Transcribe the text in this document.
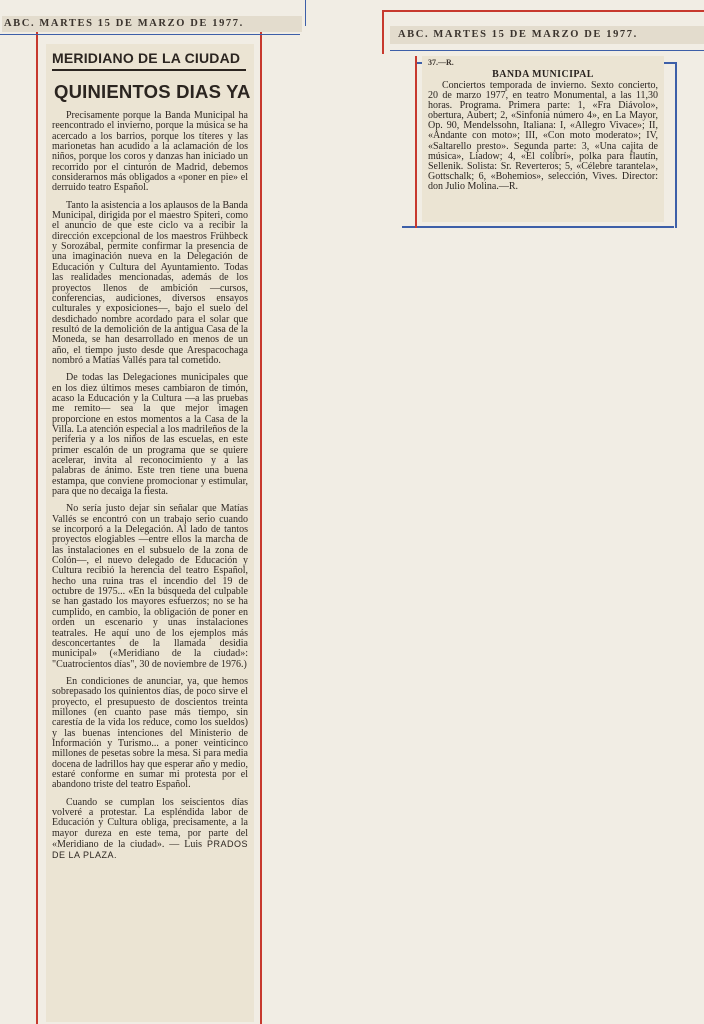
ABC. MARTES 15 DE MARZO DE 1977.
MERIDIANO DE LA CIUDAD
QUINIENTOS DIAS YA

Precisamente porque la Banda Municipal ha reencontrado el invierno, porque la música se ha acercado a los barrios, porque los títeres y las marionetas han acudido a la aclamación de los niños, porque los coros y danzas han iniciado un recorrido por el cinturón de Madrid, debemos considerarnos más obligados a «poner en pie» el derruido teatro Español.

Tanto la asistencia a los aplausos de la Banda Municipal, dirigida por el maestro Spiteri, como el anuncio de que este ciclo va a recibir la dirección excepcional de los maestros Frühbeck y Sorozábal, permite confirmar la presencia de una imaginación nueva en la Delegación de Educación y Cultura del Ayuntamiento. Todas las realidades mencionadas, además de los proyectos llenos de ambición —cursos, conferencias, audiciones, diversos ensayos culturales y exposiciones—, bajo el suelo del desdichado nombre acordado para el solar que resultó de la demolición de la antigua Casa de la Moneda, se han desarrollado en menos de un año, el tiempo justo desde que Arespacochaga nombró a Matías Vallés para tal cometido.

De todas las Delegaciones municipales que en los diez últimos meses cambiaron de timón, acaso la Educación y la Cultura —a las pruebas me remito— sea la que mejor imagen proporcione en estos momentos a la Casa de la Villa. La atención especial a los madrileños de la periferia y a los niños de las escuelas, en este primer escalón de un programa que se quiere acelerar, invita al reconocimiento y a las palabras de ánimo. Este tren tiene una buena estampa, que conviene promocionar y estimular, para que no decaiga la fiesta.

No sería justo dejar sin señalar que Matías Vallés se encontró con un trabajo serio cuando se incorporó a la Delegación. Al lado de tantos proyectos elogiables —entre ellos la marcha de las instalaciones en el subsuelo de la zona de Colón—, el nuevo delegado de Educación y Cultura recibió la herencia del teatro Español, hecho una ruina tras el incendio del 19 de octubre de 1975... «En la búsqueda del culpable se han gastado los mayores esfuerzos; no se ha cumplido, en cambio, la obligación de poner en orden un escenario y unas instalaciones teatrales. He aquí uno de los ejemplos más desconcertantes de la llamada desidia municipal» («Meridiano de la ciudad»: "Cuatrocientos días", 30 de noviembre de 1976.)

En condiciones de anunciar, ya, que hemos sobrepasado los quinientos días, de poco sirve el proyecto, el presupuesto de doscientos treinta millones (en cuanto pase más tiempo, sin carestía de la vida los reduce, como los sueldos) y las buenas intenciones del Ministerio de Información y Turismo... a poner veinticinco millones de pesetas sobre la mesa. Si para media docena de ladrillos hay que esperar año y medio, estaré conforme en sumar mi protesta por el abandono triste del teatro Español.

Cuando se cumplan los seiscientos días volveré a protestar. La espléndida labor de Educación y Cultura obliga, precisamente, a la mayor dureza en este tema, por parte del «Meridiano de la ciudad». — Luis PRADOS DE LA PLAZA.

ABC. MARTES 15 DE MARZO DE 1977.
37.—R.
BANDA MUNICIPAL

Conciertos temporada de invierno. Sexto concierto, 20 de marzo 1977, en teatro Monumental, a las 11,30 horas. Programa. Primera parte: 1, «Fra Diávolo», obertura, Aubert; 2, «Sinfonía número 4», en La Mayor, Op. 90, Mendelssohn, Italiana: I, «Allegro Vivace»; II, «Andante con moto»; III, «Con moto moderato»; IV, «Saltarello presto». Segunda parte: 3, «Una cajita de música», Liadow; 4, «El colibrí», polka para flautín, Sellenik. Solista: Sr. Reverteros; 5, «Célebre tarantela», Gottschalk; 6, «Bohemios», selección, Vives. Director: don Julio Molina.—R.
